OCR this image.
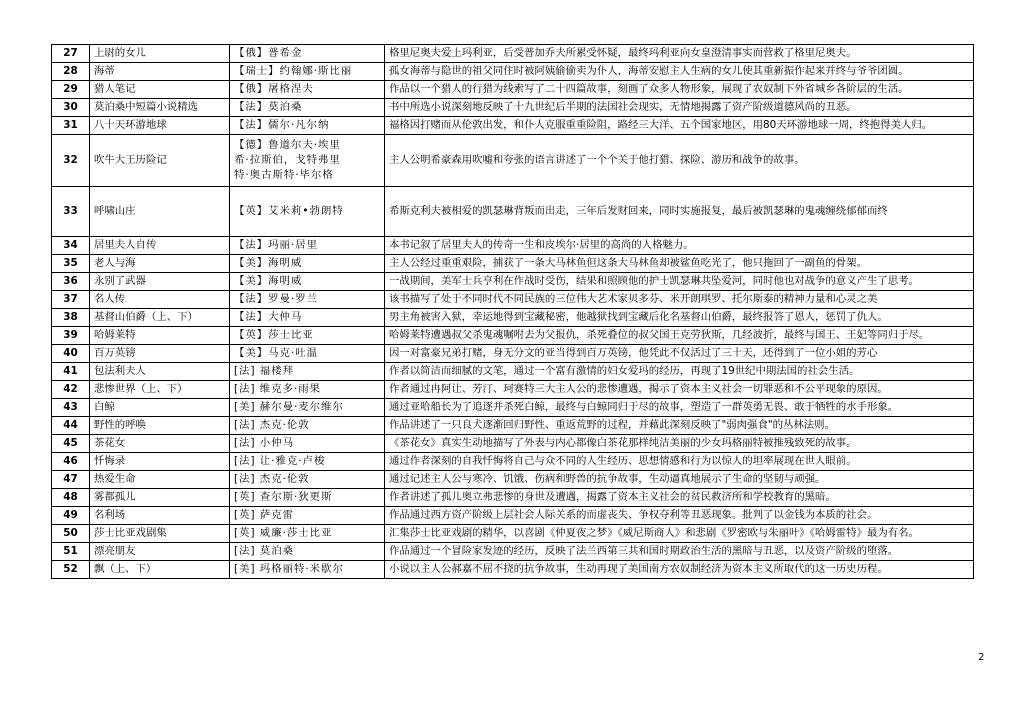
27	上尉的女儿	【俄】普希金	格里尼奥夫爱上玛利亚，后受普加乔夫所累受怀疑，最终玛利亚向女皇澄清事实而营救了格里尼奥夫。
28	海蒂	【瑞士】约翰娜·斯比丽	孤女海蒂与隐世的祖父同住时被阿姨偷偷卖为仆人，海蒂安慰主人生病的女儿使其重新振作起来并终与爷爷团圆。
29	猎人笔记	【俄】屠格涅夫	作品以一个猎人的行猎为线索写了二十四篇故事，刻画了众多人物形象，展现了农奴制下外省城乡各阶层的生活。
30	莫泊桑中短篇小说精选	【法】莫泊桑	书中所选小说深刻地反映了十九世纪后半期的法国社会现实，无情地揭露了资产阶级道德风尚的丑恶。
31	八十天环游地球	【法】儒尔·凡尔纳	福格因打赌而从伦敦出发，和仆人克服重重险阻，路经三大洋、五个国家地区，用80天环游地球一周，终抱得美人归。
32	吹牛大王历险记	【德】鲁道尔夫·埃里
希·拉斯伯，戈特弗里
特·奥古斯特·毕尔格	主人公明希豪森用吹嘘和夸张的语言讲述了一个个关于他打猎、探险、游历和战争的故事。
33	呼啸山庄	【英】艾米莉•勃朗特	希斯克利夫被相爱的凯瑟琳背叛而出走，三年后发财回来，同时实施报复，最后被凯瑟琳的鬼魂缠绕郁郁而终
34	居里夫人自传	【法】玛丽·居里	本书记叙了居里夫人的传奇一生和皮埃尔·居里的高尚的人格魅力。
35	老人与海	【美】海明威	主人公经过重重艰险，捕获了一条大马林鱼但这条大马林鱼却被鲨鱼吃光了，他只拖回了一副鱼的骨架。
36	永别了武器	【美】海明威	一战期间，美军士兵亨利在作战时受伤，结果和照顾他的护士凯瑟琳共坠爱河，同时他也对战争的意义产生了思考。
37	名人传	【法】罗曼·罗兰	该书描写了处于不同时代不同民族的三位伟大艺术家贝多芬、米开朗琪罗、托尔斯泰的精神力量和心灵之美
38	基督山伯爵（上、下）	【法】大仲马	男主角被害入狱，幸运地得到宝藏秘密，他越狱找到宝藏后化名基督山伯爵，最终报答了恩人，惩罚了仇人。
39	哈姆莱特	【英】莎士比亚	哈姆莱特遭遇叔父杀鬼魂嘱咐去为父报仇，杀死叠位的叔父国王克劳狄斯，几经波折，最终与国王、王妃等同归于尽。
40	百万英镑	【美】马克·吐温	因一对富豪兄弟打赌，身无分文的亚当得到百万英镑，他凭此不仅活过了三十天，还得到了一位小姐的芳心
41	包法利夫人	[法] 福楼拜	作者以简洁而细腻的文笔，通过一个富有激情的妇女爱玛的经历，再现了19世纪中期法国的社会生活。
42	悲惨世界（上、下）	[法] 维克多·雨果	作者通过冉阿让、芳汀、珂赛特三大主人公的悲惨遭遇，揭示了资本主义社会一切罪恶和不公平现象的原因。
43	白鲸	[美] 赫尔曼·麦尔维尔	通过亚哈船长为了追逐并杀死白鲸，最终与白鲸同归于尽的故事，塑造了一群英勇无畏、敢于牺牲的水手形象。
44	野性的呼唤	[法] 杰克·伦敦	作品讲述了一只良犬逐渐回归野性、重返荒野的过程，并藉此深刻反映了"弱肉强食"的丛林法则。
45	茶花女	[法] 小仲马	《茶花女》真实生动地描写了外表与内心都像白茶花那样纯洁美丽的少女玛格丽特被推残致死的故事。
46	忏悔录	[法] 让·雅克·卢梭	通过作者深刻的自我忏悔将自己与众不同的人生经历、思想情感和行为以惊人的坦率展现在世人眼前。
47	热爱生命	[法] 杰克·伦敦	通过记述主人公与寒冷、饥饿、伤病和野兽的抗争故事，生动逼真地展示了生命的坚韧与顽强。
48	雾都孤儿	[英] 查尔斯·狄更斯	作者讲述了孤儿奥立弗悲惨的身世及遭遇，揭露了资本主义社会的贫民救济所和学校教育的黑暗。
49	名利场	[英] 萨克雷	作品通过西方资产阶级上层社会人际关系的而虚丧失、争权夺利等丑恶现象。批判了以金钱为本质的社会。
50	莎士比亚戏剧集	[英] 威廉·莎士比亚	汇集莎士比亚戏剧的精华，以喜剧《仲夏夜之梦》《威尼斯商人》和悲剧《罗密欧与朱丽叶》《哈姆雷特》最为有名。
51	漂亮朋友	[法] 莫泊桑	作品通过一个冒险家发迹的经历，反映了法兰西第三共和国时期政治生活的黑暗与丑恶，以及资产阶级的堕落。
52	飘（上、下）	[美] 玛格丽特·米歇尔	小说以主人公郝嘉不屈不挠的抗争故事，生动再现了美国南方农奴制经济为资本主义所取代的这一历史历程。
2
